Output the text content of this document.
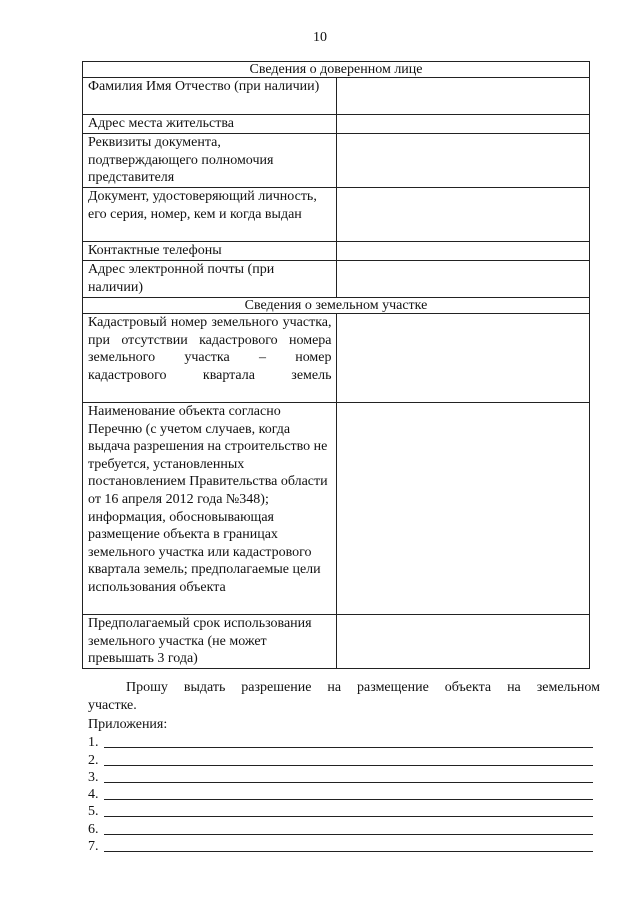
10
Сведения о доверенном лице	
Фамилия Имя Отчество (при наличии)	
Адрес места жительства	
Реквизиты документа, подтверждающего полномочия представителя	
Документ, удостоверяющий личность, его серия, номер, кем и когда выдан	
Контактные телефоны	
Адрес электронной почты (при наличии)	
Сведения о земельном участке	
Кадастровый номер земельного участка, при отсутствии кадастрового номера земельного участка – номер кадастрового квартала земель	
Наименование объекта согласно Перечню (с учетом случаев, когда выдача разрешения на строительство не требуется, установленных постановлением Правительства области от 16 апреля 2012 года №348); информация, обосновывающая размещение объекта в границах земельного участка или кадастрового квартала земель; предполагаемые цели использования объекта	
Предполагаемый срок использования земельного участка (не может превышать 3 года)	
Прошу выдать разрешение на размещение объекта на земельном
участке.
Приложения:
1.
2.
3.
4.
5.
6.
7.
